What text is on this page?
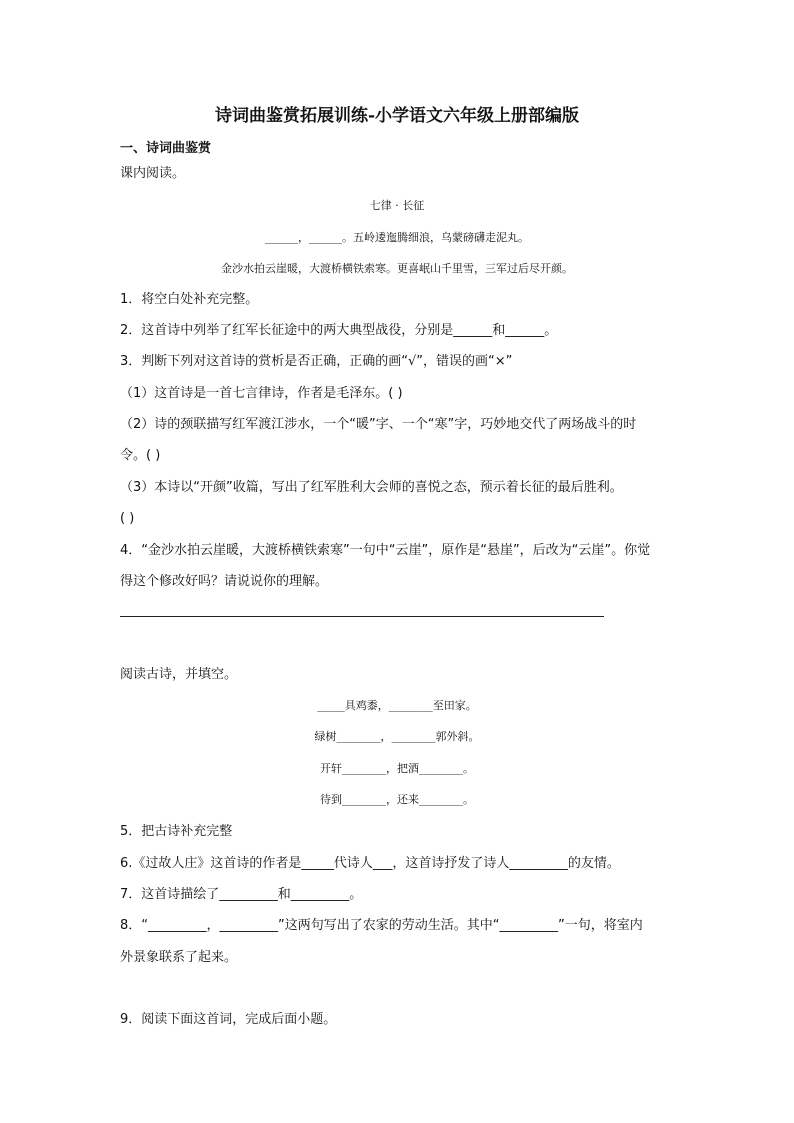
诗词曲鉴赏拓展训练-小学语文六年级上册部编版
一、诗词曲鉴赏
课内阅读。
七律 · 长征
______，______。五岭逶迤腾细浪，乌蒙磅礴走泥丸。
金沙水拍云崖暖，大渡桥横铁索寒。更喜岷山千里雪，三军过后尽开颜。
1．将空白处补充完整。
2．这首诗中列举了红军长征途中的两大典型战役，分别是______和______。
3．判断下列对这首诗的赏析是否正确，正确的画“√”，错误的画“×”
（1）这首诗是一首七言律诗，作者是毛泽东。( )
（2）诗的颈联描写红军渡江涉水，一个“暖”字、一个“寒”字，巧妙地交代了两场战斗的时
令。( )
（3）本诗以“开颜”收篇，写出了红军胜利大会师的喜悦之态，预示着长征的最后胜利。
( )
4．“金沙水拍云崖暖，大渡桥横铁索寒”一句中“云崖”，原作是“悬崖”，后改为“云崖”。你觉
得这个修改好吗？请说说你的理解。
阅读古诗，并填空。
_____具鸡黍，________至田家。
绿树________，________郭外斜。
开轩________，把酒________。
待到________，还来________。
5．把古诗补充完整
6.《过故人庄》这首诗的作者是_____代诗人___，这首诗抒发了诗人_________的友情。
7．这首诗描绘了_________和_________。
8．“_________，_________”这两句写出了农家的劳动生活。其中“_________”一句，将室内
外景象联系了起来。
9．阅读下面这首词，完成后面小题。
